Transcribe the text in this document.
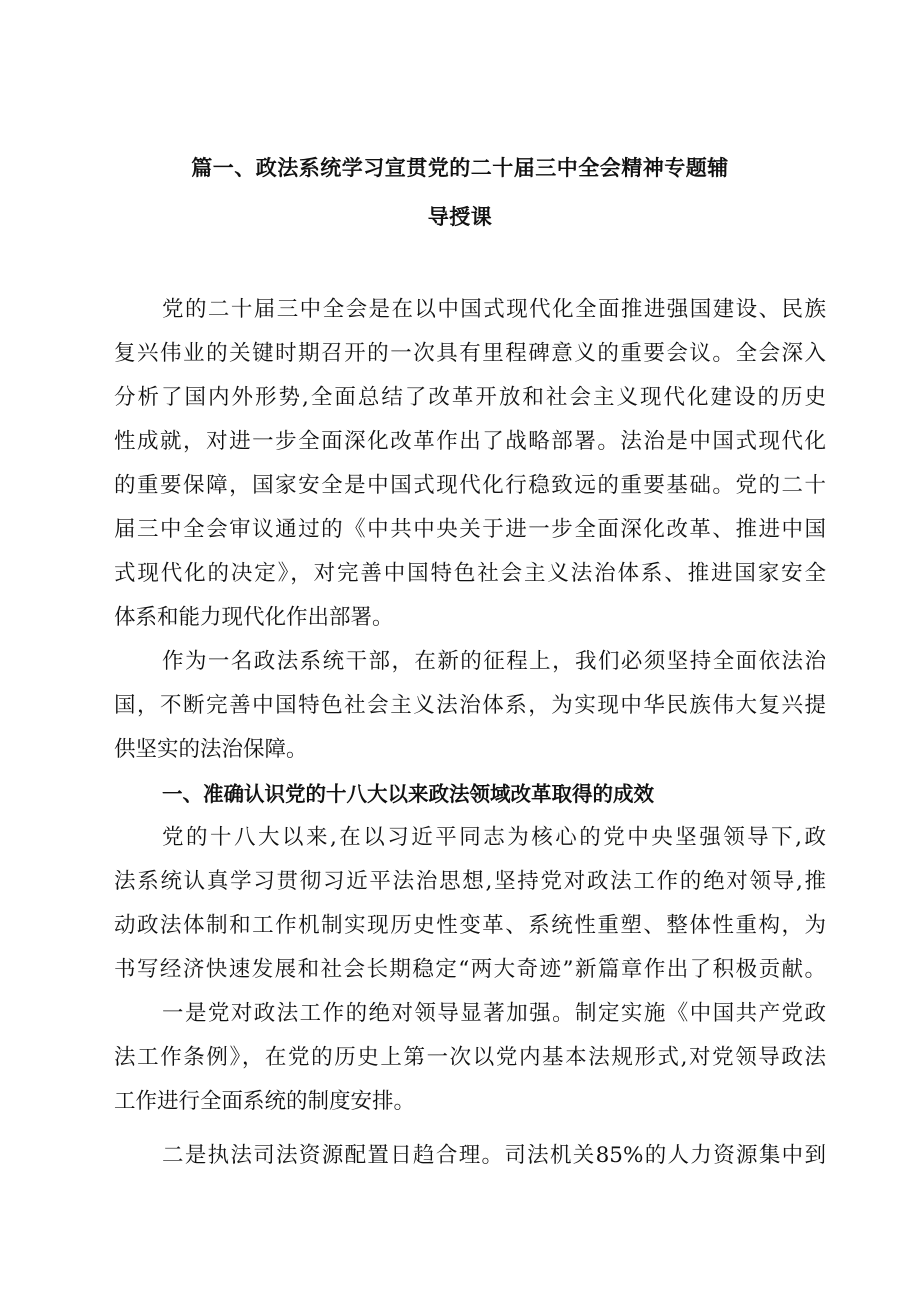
篇一、政法系统学习宣贯党的二十届三中全会精神专题辅
导授课
党的二十届三中全会是在以中国式现代化全面推进强国建设、民族
复兴伟业的关键时期召开的一次具有里程碑意义的重要会议。全会深入
分析了国内外形势,全面总结了改革开放和社会主义现代化建设的历史
性成就，对进一步全面深化改革作出了战略部署。法治是中国式现代化
的重要保障，国家安全是中国式现代化行稳致远的重要基础。党的二十
届三中全会审议通过的《中共中央关于进一步全面深化改革、推进中国
式现代化的决定》，对完善中国特色社会主义法治体系、推进国家安全
体系和能力现代化作出部署。
作为一名政法系统干部，在新的征程上，我们必须坚持全面依法治
国，不断完善中国特色社会主义法治体系，为实现中华民族伟大复兴提
供坚实的法治保障。
一、准确认识党的十八大以来政法领域改革取得的成效
党的十八大以来,在以习近平同志为核心的党中央坚强领导下,政
法系统认真学习贯彻习近平法治思想,坚持党对政法工作的绝对领导,推
动政法体制和工作机制实现历史性变革、系统性重塑、整体性重构，为
书写经济快速发展和社会长期稳定“两大奇迹”新篇章作出了积极贡献。
一是党对政法工作的绝对领导显著加强。制定实施《中国共产党政
法工作条例》，在党的历史上第一次以党内基本法规形式,对党领导政法
工作进行全面系统的制度安排。
二是执法司法资源配置日趋合理。司法机关85%的人力资源集中到
